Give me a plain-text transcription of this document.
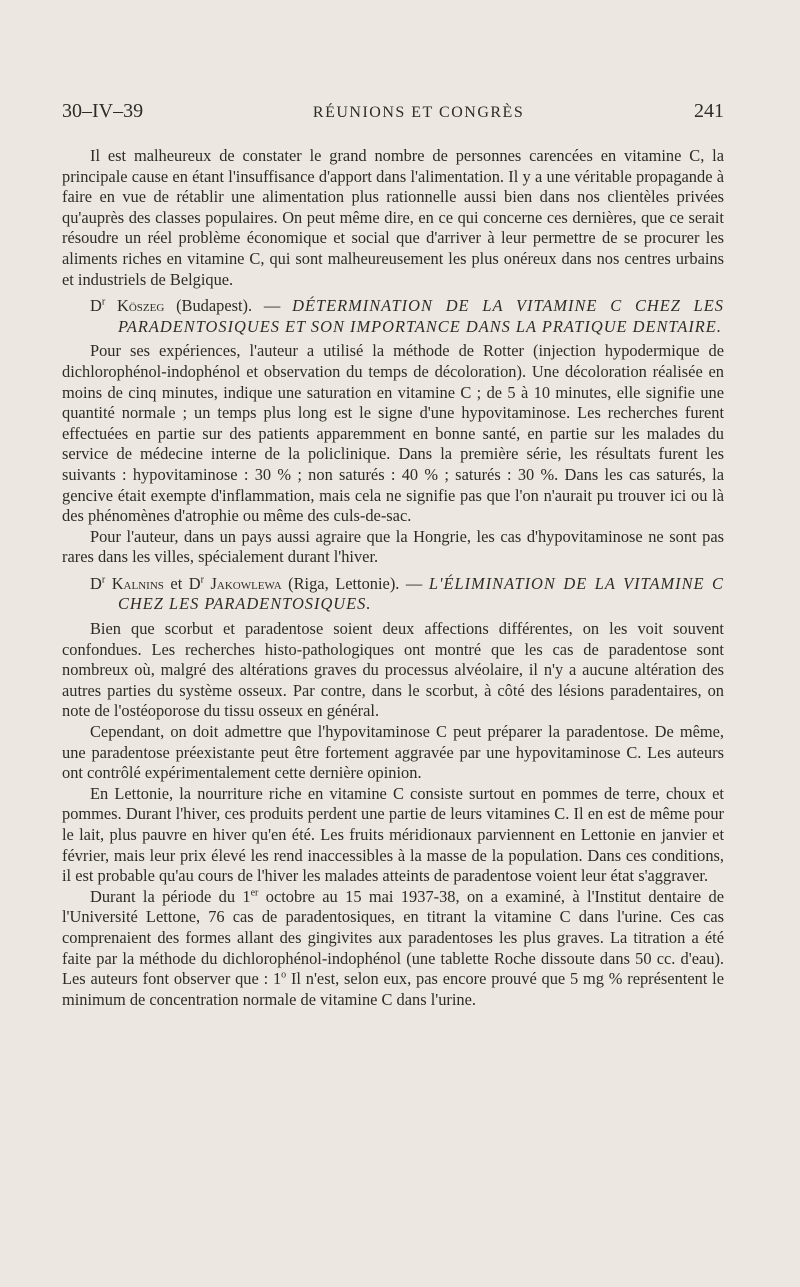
30–IV–39	RÉUNIONS ET CONGRÈS	241

Il est malheureux de constater le grand nombre de personnes carencées en vitamine C, la principale cause en étant l'insuffisance d'apport dans l'alimentation. Il y a une véritable propagande à faire en vue de rétablir une alimentation plus rationnelle aussi bien dans nos clientèles privées qu'auprès des classes populaires. On peut même dire, en ce qui concerne ces dernières, que ce serait résoudre un réel problème économique et social que d'arriver à leur permettre de se procurer les aliments riches en vitamine C, qui sont malheureusement les plus onéreux dans nos centres urbains et industriels de Belgique.

$D^r$ Köszeg (Budapest). — DÉTERMINATION DE LA VITAMINE C CHEZ LES PARADENTOSIQUES ET SON IMPORTANCE DANS LA PRATIQUE DENTAIRE.

Pour ses expériences, l'auteur a utilisé la méthode de Rotter (injection hypodermique de dichlorophénol-indophénol et observation du temps de décoloration). Une décoloration réalisée en moins de cinq minutes, indique une saturation en vitamine C ; de 5 à 10 minutes, elle signifie une quantité normale ; un temps plus long est le signe d'une hypovitaminose. Les recherches furent effectuées en partie sur des patients apparemment en bonne santé, en partie sur les malades du service de médecine interne de la policlinique. Dans la première série, les résultats furent les suivants : hypovitaminose : 30 % ; non saturés : 40 % ; saturés : 30 %. Dans les cas saturés, la gencive était exempte d'inflammation, mais cela ne signifie pas que l'on n'aurait pu trouver ici ou là des phénomènes d'atrophie ou même des culs-de-sac.

Pour l'auteur, dans un pays aussi agraire que la Hongrie, les cas d'hypovitaminose ne sont pas rares dans les villes, spécialement durant l'hiver.

$D^r$ Kalnins et $D^r$ Jakowlewa (Riga, Lettonie). — L'ÉLIMINATION DE LA VITAMINE C CHEZ LES PARADENTOSIQUES.

Bien que scorbut et paradentose soient deux affections différentes, on les voit souvent confondues. Les recherches histo-pathologiques ont montré que les cas de paradentose sont nombreux où, malgré des altérations graves du processus alvéolaire, il n'y a aucune altération des autres parties du système osseux. Par contre, dans le scorbut, à côté des lésions paradentaires, on note de l'ostéoporose du tissu osseux en général.

Cependant, on doit admettre que l'hypovitaminose C peut préparer la paradentose. De même, une paradentose préexistante peut être fortement aggravée par une hypovitaminose C. Les auteurs ont contrôlé expérimentalement cette dernière opinion.

En Lettonie, la nourriture riche en vitamine C consiste surtout en pommes de terre, choux et pommes. Durant l'hiver, ces produits perdent une partie de leurs vitamines C. Il en est de même pour le lait, plus pauvre en hiver qu'en été. Les fruits méridionaux parviennent en Lettonie en janvier et février, mais leur prix élevé les rend inaccessibles à la masse de la population. Dans ces conditions, il est probable qu'au cours de l'hiver les malades atteints de paradentose voient leur état s'aggraver.

Durant la période du 1er octobre au 15 mai 1937-38, on a examiné, à l'Institut dentaire de l'Université Lettone, 76 cas de paradentosiques, en titrant la vitamine C dans l'urine. Ces cas comprenaient des formes allant des gingivites aux paradentoses les plus graves. La titration a été faite par la méthode du dichlorophénol-indophénol (une tablette Roche dissoute dans 50 cc. d'eau). Les auteurs font observer que : 1$^o$ Il n'est, selon eux, pas encore prouvé que 5 mg % représentent le minimum de concentration normale de vitamine C dans l'urine.
